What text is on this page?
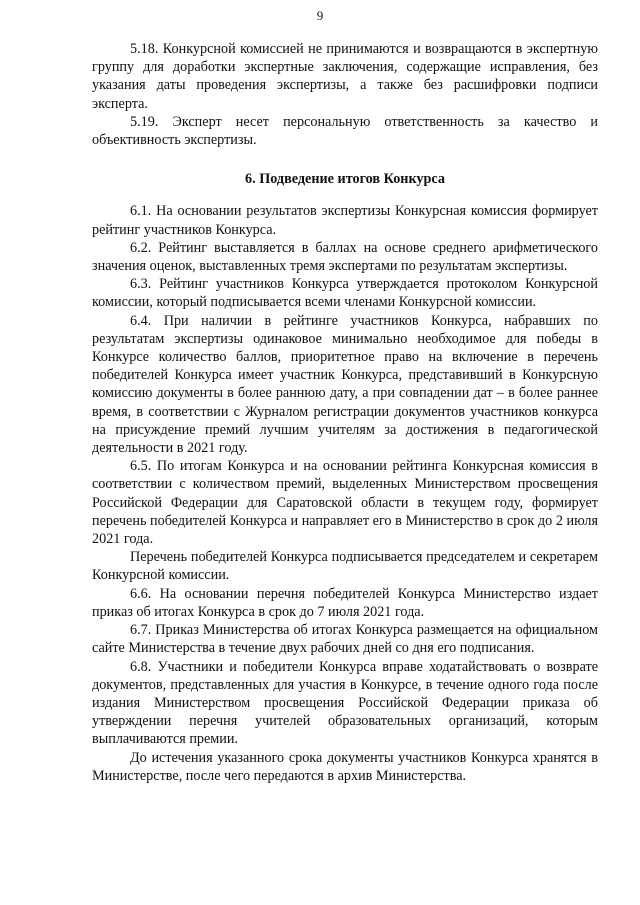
9

5.18. Конкурсной комиссией не принимаются и возвращаются в экспертную группу для доработки экспертные заключения, содержащие исправления, без указания даты проведения экспертизы, а также без расшифровки подписи эксперта.

5.19. Эксперт несет персональную ответственность за качество и объективность экспертизы.

6. Подведение итогов Конкурса

6.1. На основании результатов экспертизы Конкурсная комиссия формирует рейтинг участников Конкурса.

6.2. Рейтинг выставляется в баллах на основе среднего арифметического значения оценок, выставленных тремя экспертами по результатам экспертизы.

6.3. Рейтинг участников Конкурса утверждается протоколом Конкурсной комиссии, который подписывается всеми членами Конкурсной комиссии.

6.4. При наличии в рейтинге участников Конкурса, набравших по результатам экспертизы одинаковое минимально необходимое для победы в Конкурсе количество баллов, приоритетное право на включение в перечень победителей Конкурса имеет участник Конкурса, представивший в Конкурсную комиссию документы в более раннюю дату, а при совпадении дат – в более раннее время, в соответствии с Журналом регистрации документов участников конкурса на присуждение премий лучшим учителям за достижения в педагогической деятельности в 2021 году.

6.5. По итогам Конкурса и на основании рейтинга Конкурсная комиссия в соответствии с количеством премий, выделенных Министерством просвещения Российской Федерации для Саратовской области в текущем году, формирует перечень победителей Конкурса и направляет его в Министерство в срок до 2 июля 2021 года.

Перечень победителей Конкурса подписывается председателем и секретарем Конкурсной комиссии.

6.6. На основании перечня победителей Конкурса Министерство издает приказ об итогах Конкурса в срок до 7 июля 2021 года.

6.7. Приказ Министерства об итогах Конкурса размещается на официальном сайте Министерства в течение двух рабочих дней со дня его подписания.

6.8. Участники и победители Конкурса вправе ходатайствовать о возврате документов, представленных для участия в Конкурсе, в течение одного года после издания Министерством просвещения Российской Федерации приказа об утверждении перечня учителей образовательных организаций, которым выплачиваются премии.

До истечения указанного срока документы участников Конкурса хранятся в Министерстве, после чего передаются в архив Министерства.
